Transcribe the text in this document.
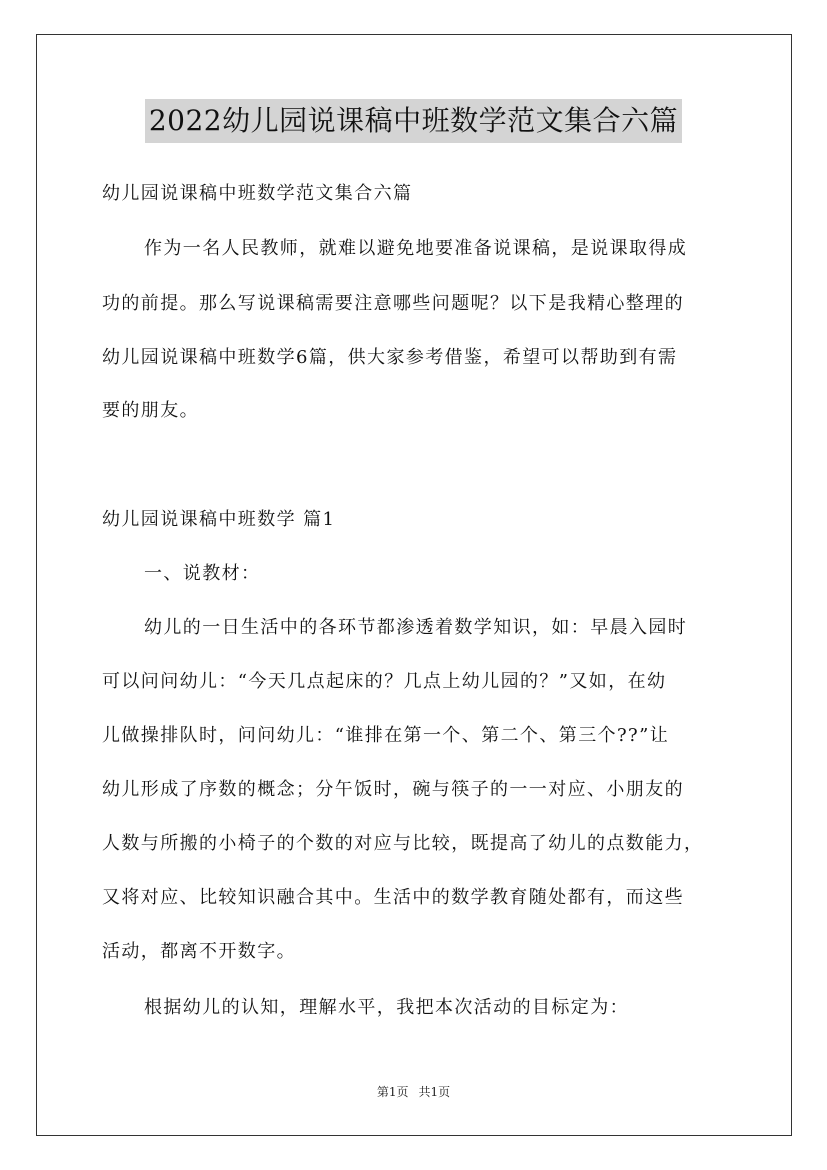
2022幼儿园说课稿中班数学范文集合六篇
幼儿园说课稿中班数学范文集合六篇
作为一名人民教师，就难以避免地要准备说课稿，是说课取得成
功的前提。那么写说课稿需要注意哪些问题呢？以下是我精心整理的
幼儿园说课稿中班数学6篇，供大家参考借鉴，希望可以帮助到有需
要的朋友。
幼儿园说课稿中班数学 篇1
一、说教材：
幼儿的一日生活中的各环节都渗透着数学知识，如：早晨入园时
可以问问幼儿：“今天几点起床的？几点上幼儿园的？”又如，在幼
儿做操排队时，问问幼儿：“谁排在第一个、第二个、第三个??”让
幼儿形成了序数的概念；分午饭时，碗与筷子的一一对应、小朋友的
人数与所搬的小椅子的个数的对应与比较，既提高了幼儿的点数能力，
又将对应、比较知识融合其中。生活中的数学教育随处都有，而这些
活动，都离不开数字。
根据幼儿的认知，理解水平，我把本次活动的目标定为：
第1页 共1页
